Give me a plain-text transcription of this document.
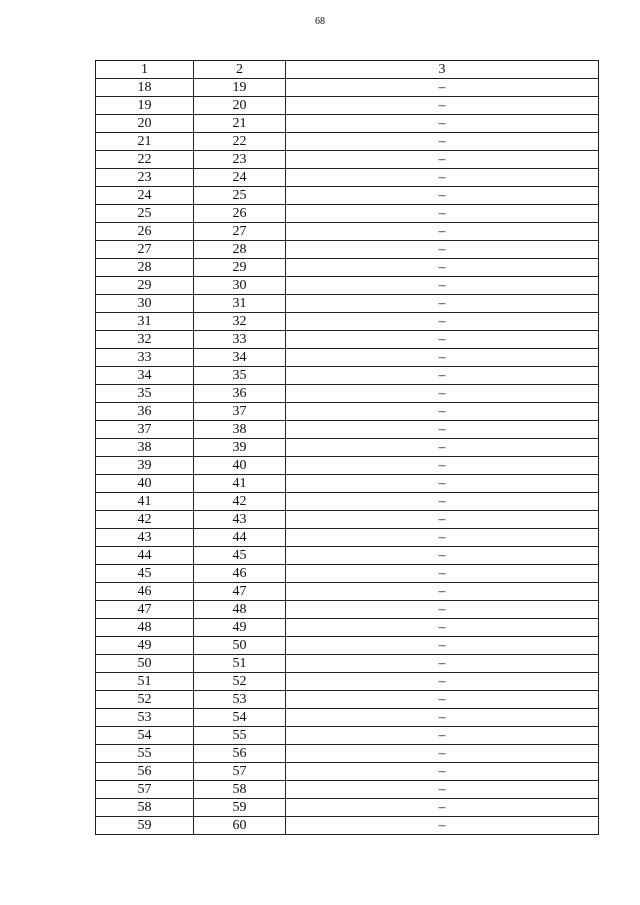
68
1	2	3
18	19	–
19	20	–
20	21	–
21	22	–
22	23	–
23	24	–
24	25	–
25	26	–
26	27	–
27	28	–
28	29	–
29	30	–
30	31	–
31	32	–
32	33	–
33	34	–
34	35	–
35	36	–
36	37	–
37	38	–
38	39	–
39	40	–
40	41	–
41	42	–
42	43	–
43	44	–
44	45	–
45	46	–
46	47	–
47	48	–
48	49	–
49	50	–
50	51	–
51	52	–
52	53	–
53	54	–
54	55	–
55	56	–
56	57	–
57	58	–
58	59	–
59	60	–
